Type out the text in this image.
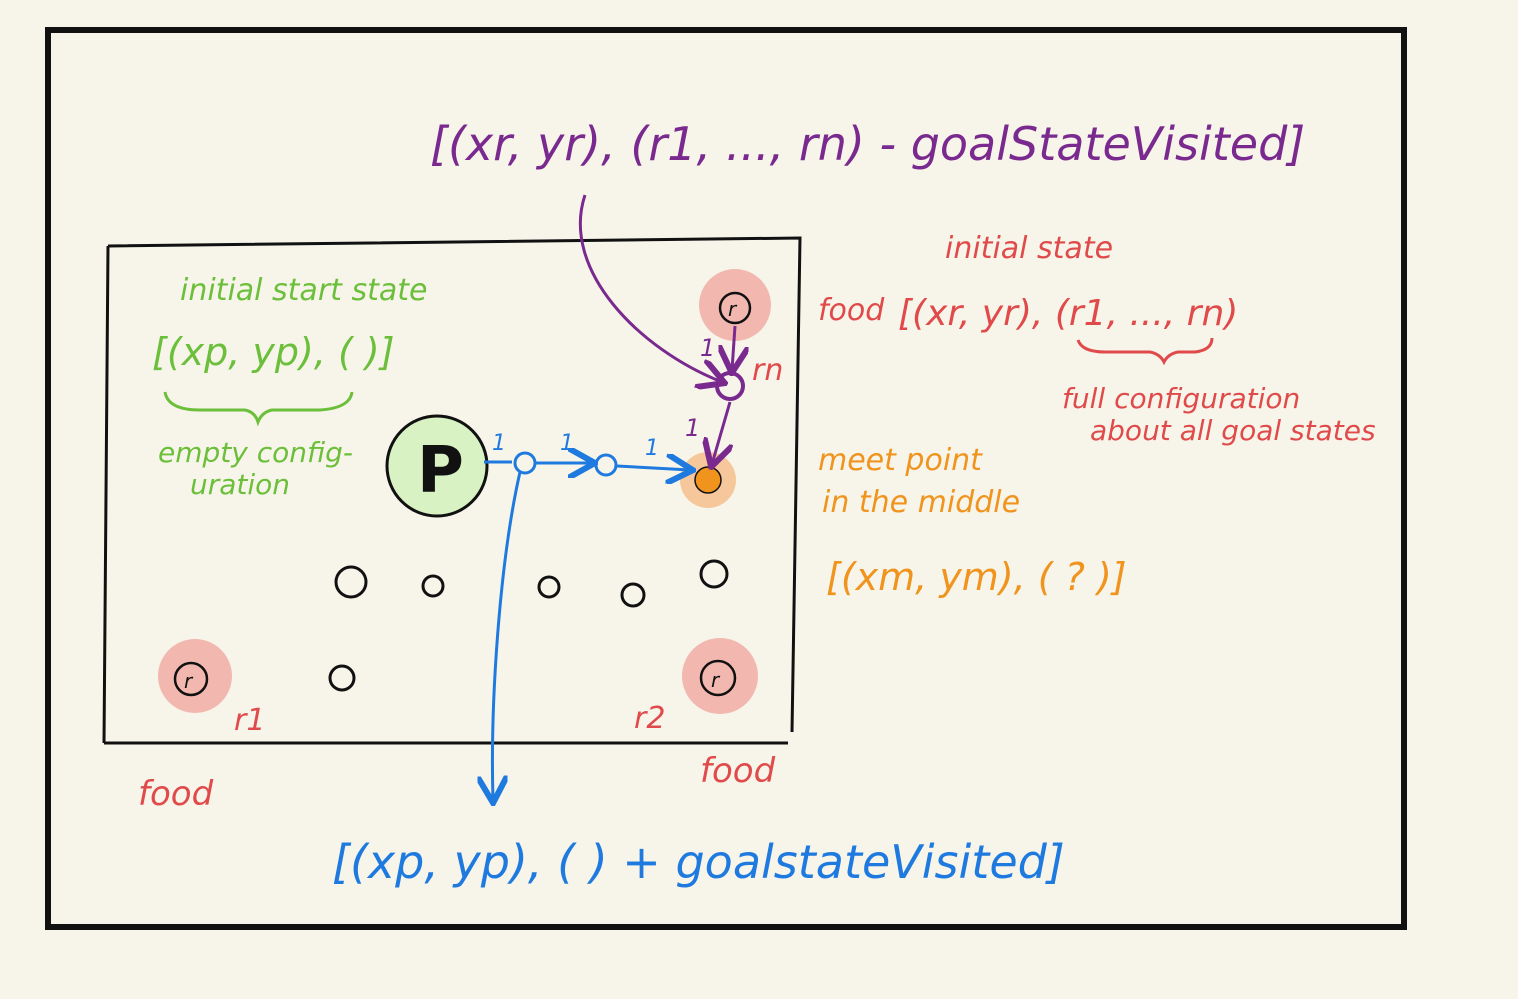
[(xr, yr), (r1, ..., rn) - goalStateVisited]
initial start state
[(xp, yp), ( )]
empty config-
uration
initial state
food [(xr, yr), (r1, ..., rn)
full configuration
about all goal states
meet point
in the middle
[(xm, ym), ( ? )]
r
r	r
1
1
rn
P 1 1	1
r1	r2
food
food
[(xp, yp), ( ) + goalstateVisited]
